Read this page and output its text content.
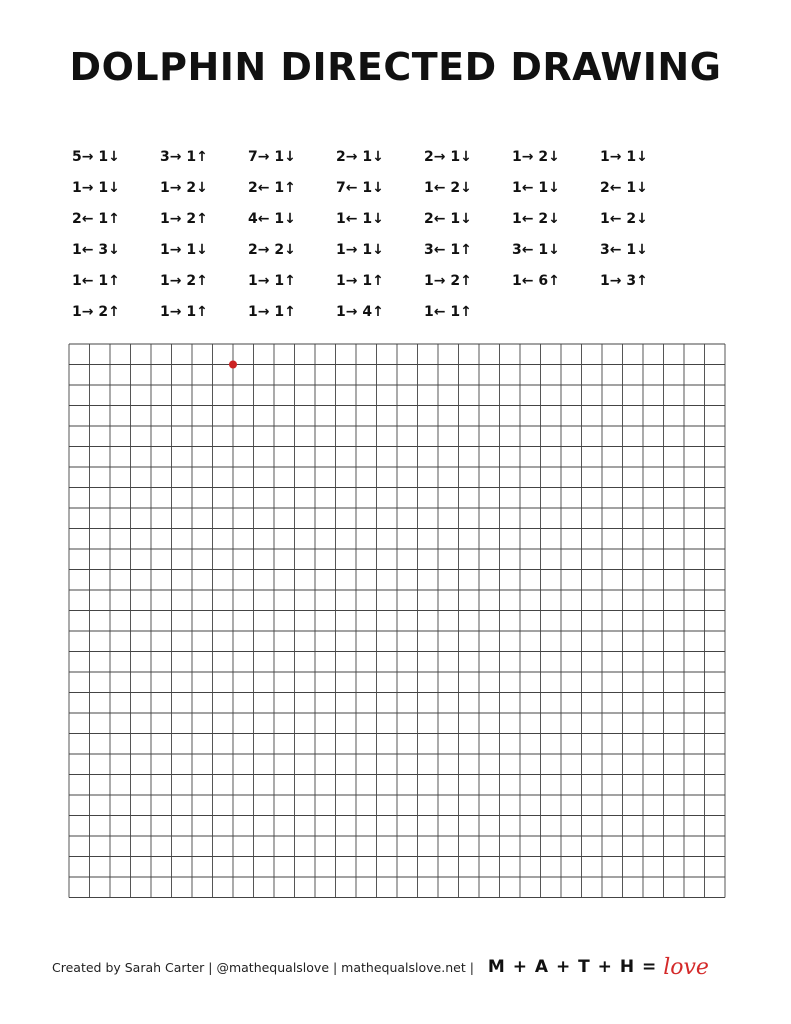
DOLPHIN DIRECTED DRAWING
5→ 1↓	3→ 1↑	7→ 1↓	2→ 1↓	2→ 1↓	1→ 2↓	1→ 1↓
1→ 1↓	1→ 2↓	2← 1↑	7← 1↓	1← 2↓	1← 1↓	2← 1↓
2← 1↑	1→ 2↑	4← 1↓	1← 1↓	2← 1↓	1← 2↓	1← 2↓
1← 3↓	1→ 1↓	2→ 2↓	1→ 1↓	3← 1↑	3← 1↓	3← 1↓
1← 1↑	1→ 2↑	1→ 1↑	1→ 1↑	1→ 2↑	1← 6↑	1→ 3↑
1→ 2↑	1→ 1↑	1→ 1↑	1→ 4↑	1← 1↑
Created by Sarah Carter | @mathequalslove | mathequalslove.net | M + A + T + H = love
